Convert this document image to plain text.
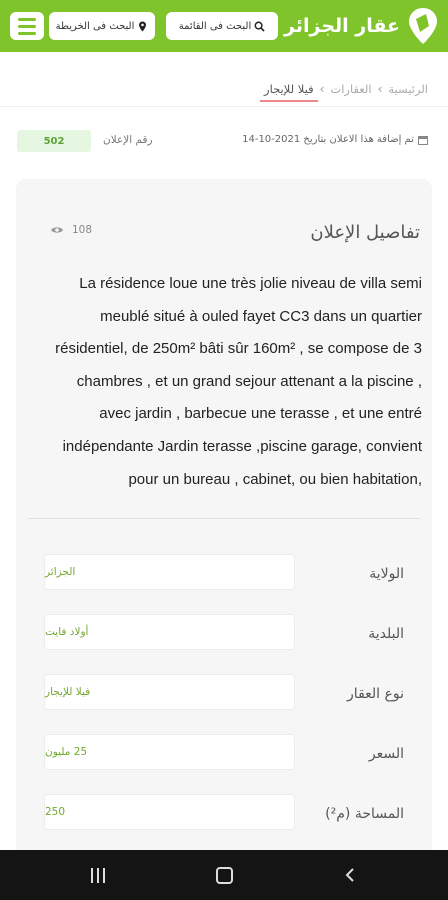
البحث فى الخريطة	البحث فى القائمة عقار الجزائر
الرئيسية
›
العقارات
›
فيلا للإيجار
تم إضافة هذا الاعلان بتاريخ 2021-10-14
رقم الإعلان
502
تفاصيل الإعلان
108
La résidence loue une très jolie niveau de villa semi
meublé situé à ouled fayet CC3 dans un quartier
résidentiel, de 250m² bâti sûr 160m² , se compose de 3
chambres , et un grand sejour attenant a la piscine ,
avec jardin , barbecue une terasse , et une entré
indépendante Jardin terasse ,piscine garage, convient
pour un bureau , cabinet, ou bien habitation,
الولاية
الجزائر
البلدية
أولاد فايت
نوع العقار
فيلا للإيجار
السعر
25 مليون
المساحة (م²)
250
